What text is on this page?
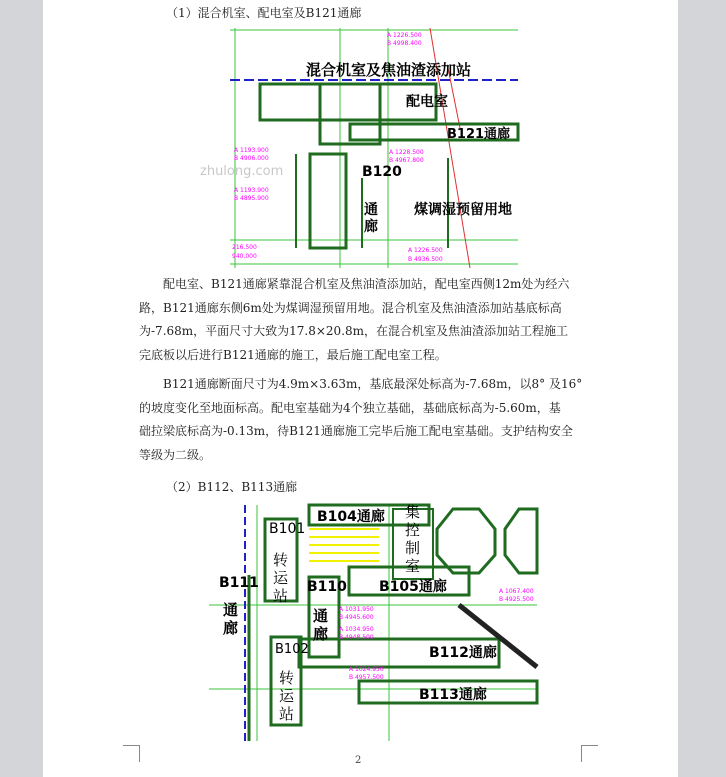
（1）混合机室、配电室及B121通廊
混合机室及焦油渣添加站
配电室
B121通廊
B120
通
廊
煤调湿预留用地
zhulong.com
A 1226.500
B 4998.400
A 1193.900
B 4906.000
A 1228.500
B 4967.800
A 1193.900
B 4895.900
216.500
940.000
A 1226.500
B 4936.500
配电室、B121通廊紧靠混合机室及焦油渣添加站，配电室西侧12m处为经六
路，B121通廊东侧6m处为煤调湿预留用地。混合机室及焦油渣添加站基底标高
为-7.68m，平面尺寸大致为17.8×20.8m，在混合机室及焦油渣添加站工程施工
完底板以后进行B121通廊的施工，最后施工配电室工程。
B121通廊断面尺寸为4.9m×3.63m，基底最深处标高为-7.68m，以8° 及16°
的坡度变化至地面标高。配电室基础为4个独立基础，基础底标高为-5.60m，基
础拉梁底标高为-0.13m，待B121通廊施工完毕后施工配电室基础。支护结构安全
等级为二级。
（2）B112、B113通廊
B104通廊 集
控
制
室
B101
转
运
站
B111
通
廊
B110
通
廊
B105通廊
B102
转
运
站
B112通廊
B113通廊
A 1031.950
B 4945.600
A 1034.950
B 4948.500
A 1024.950
B 4957.500
A 1067.400
B 4925.500
2
